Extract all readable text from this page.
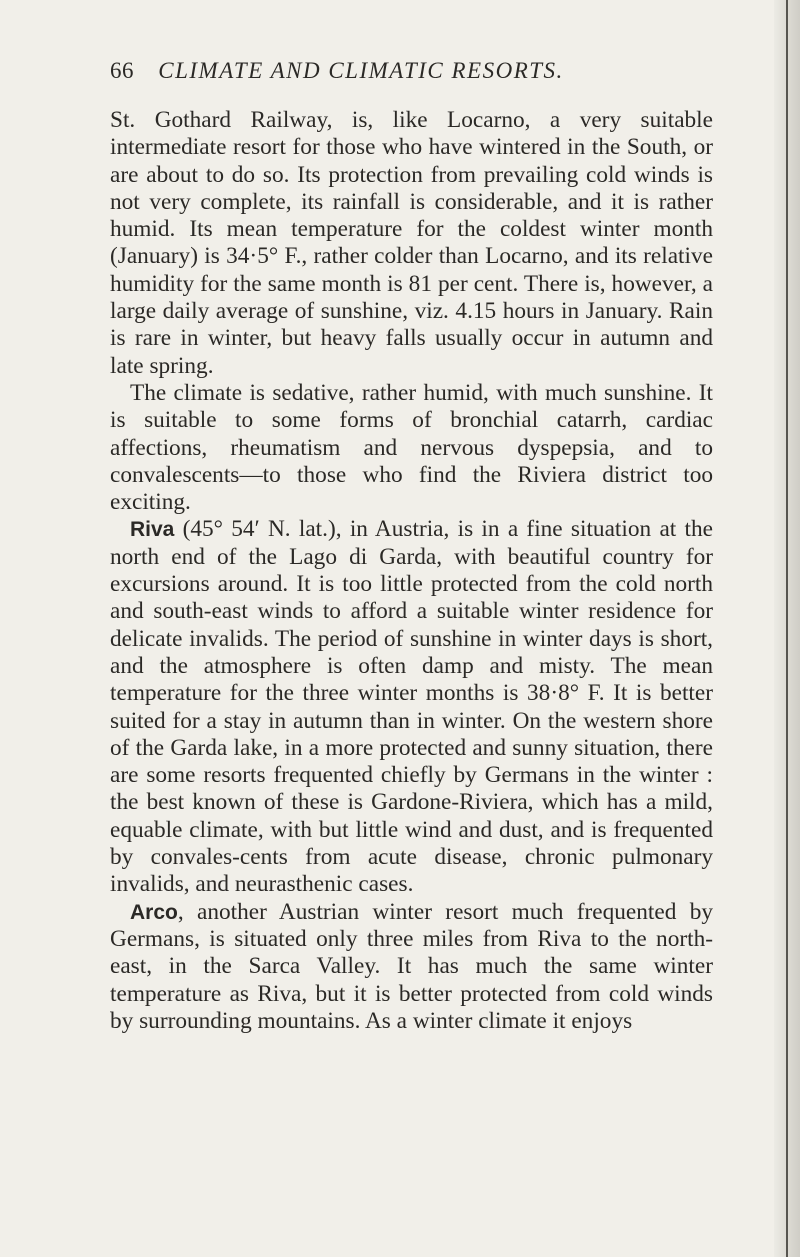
66 CLIMATE AND CLIMATIC RESORTS.

St. Gothard Railway, is, like Locarno, a very suitable intermediate resort for those who have wintered in the South, or are about to do so. Its protection from prevailing cold winds is not very complete, its rainfall is considerable, and it is rather humid. Its mean temperature for the coldest winter month (January) is 34·5° F., rather colder than Locarno, and its relative humidity for the same month is 81 per cent. There is, however, a large daily average of sunshine, viz. 4.15 hours in January. Rain is rare in winter, but heavy falls usually occur in autumn and late spring.

The climate is sedative, rather humid, with much sunshine. It is suitable to some forms of bronchial catarrh, cardiac affections, rheumatism and nervous dyspepsia, and to convalescents—to those who find the Riviera district too exciting.

Riva (45° 54′ N. lat.), in Austria, is in a fine situation at the north end of the Lago di Garda, with beautiful country for excursions around. It is too little protected from the cold north and south-east winds to afford a suitable winter residence for delicate invalids. The period of sunshine in winter days is short, and the atmosphere is often damp and misty. The mean temperature for the three winter months is 38·8° F. It is better suited for a stay in autumn than in winter. On the western shore of the Garda lake, in a more protected and sunny situation, there are some resorts frequented chiefly by Germans in the winter : the best known of these is Gardone-Riviera, which has a mild, equable climate, with but little wind and dust, and is frequented by convales-cents from acute disease, chronic pulmonary invalids, and neurasthenic cases.

Arco, another Austrian winter resort much frequented by Germans, is situated only three miles from Riva to the north-east, in the Sarca Valley. It has much the same winter temperature as Riva, but it is better protected from cold winds by surrounding mountains. As a winter climate it enjoys
